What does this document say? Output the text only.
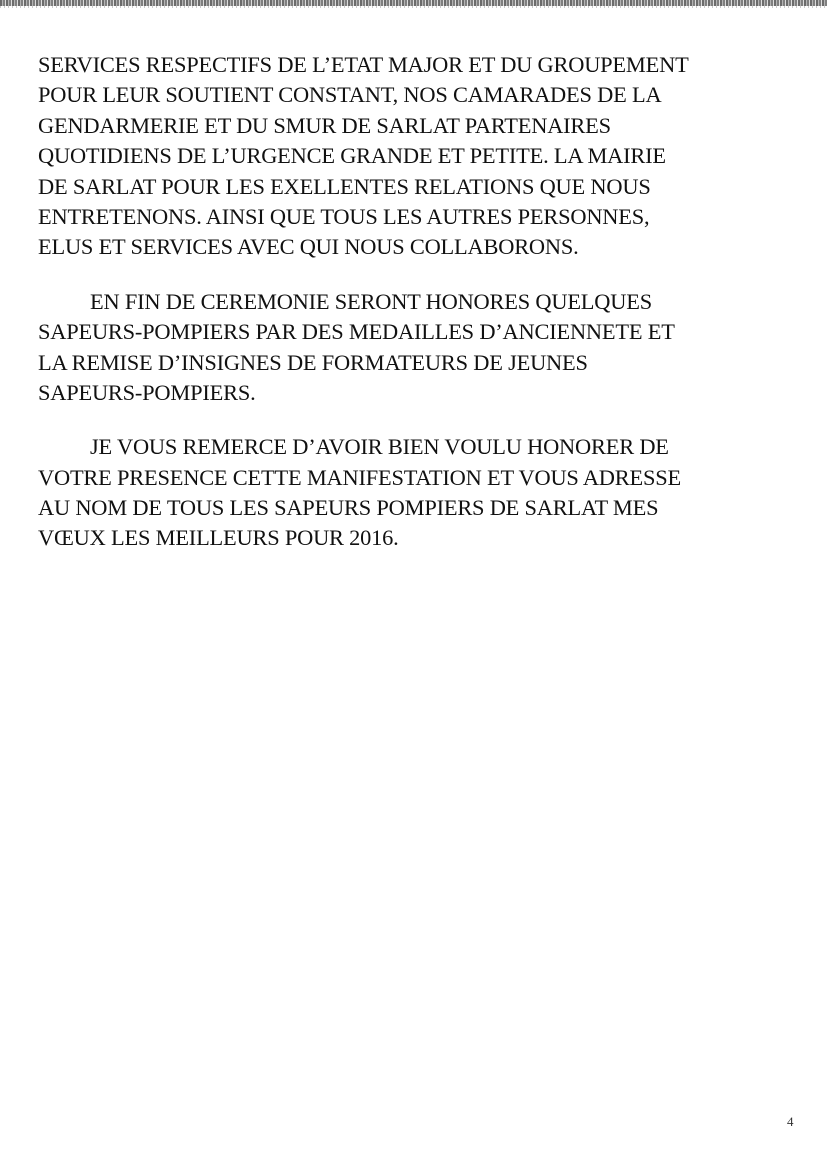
SERVICES RESPECTIFS DE L’ETAT MAJOR ET DU GROUPEMENT
POUR LEUR SOUTIENT CONSTANT, NOS CAMARADES DE LA
GENDARMERIE ET DU SMUR DE SARLAT PARTENAIRES
QUOTIDIENS DE L’URGENCE GRANDE ET PETITE. LA MAIRIE
DE SARLAT POUR LES EXELLENTES RELATIONS QUE NOUS
ENTRETENONS. AINSI QUE TOUS LES AUTRES PERSONNES,
ELUS ET SERVICES AVEC QUI NOUS COLLABORONS.

EN FIN DE CEREMONIE SERONT HONORES QUELQUES
SAPEURS-POMPIERS PAR DES MEDAILLES D’ANCIENNETE ET
LA REMISE D’INSIGNES DE FORMATEURS DE JEUNES
SAPEURS-POMPIERS.

JE VOUS REMERCE D’AVOIR BIEN VOULU HONORER DE
VOTRE PRESENCE CETTE MANIFESTATION ET VOUS ADRESSE
AU NOM DE TOUS LES SAPEURS POMPIERS DE SARLAT MES
VŒUX LES MEILLEURS POUR 2016.

4
